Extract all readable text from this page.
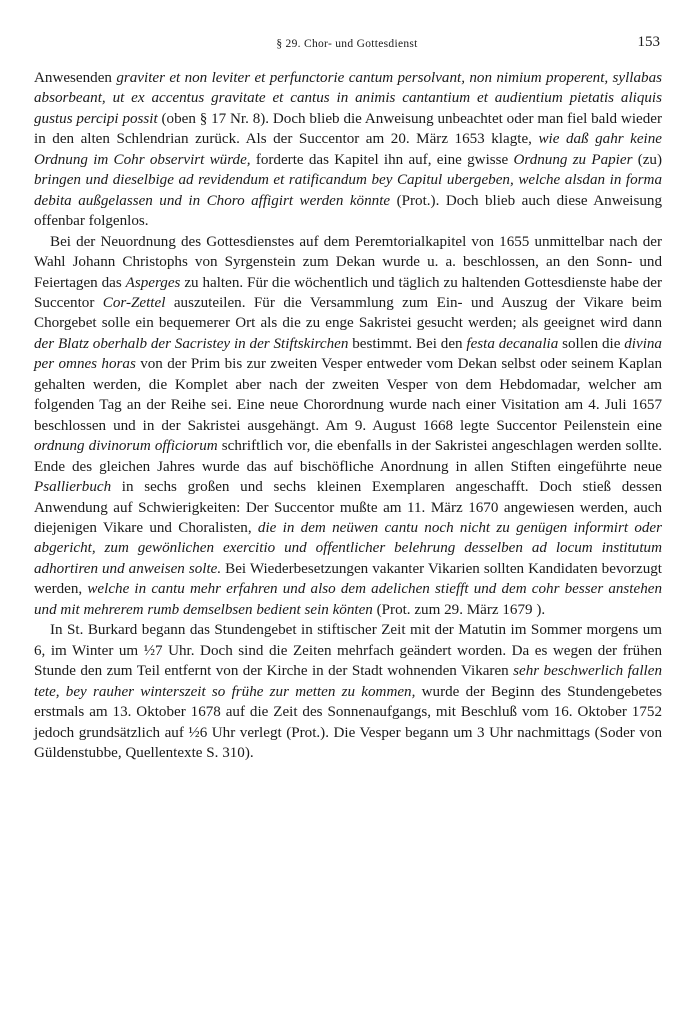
§ 29. Chor- und Gottesdienst	153

Anwesenden graviter et non leviter et perfunctorie cantum persolvant, non nimium properent, syllabas absorbeant, ut ex accentus gravitate et cantus in animis cantantium et audientium pietatis aliquis gustus percipi possit (oben § 17 Nr. 8). Doch blieb die Anweisung unbeachtet oder man fiel bald wieder in den alten Schlendrian zurück. Als der Succentor am 20. März 1653 klagte, wie daß gahr keine Ordnung im Cohr observirt würde, forderte das Kapitel ihn auf, eine gwisse Ordnung zu Papier (zu) bringen und dieselbige ad revidendum et ratificandum bey Capitul ubergeben, welche alsdan in forma debita außgelassen und in Choro affigirt werden könnte (Prot.). Doch blieb auch diese Anweisung offenbar folgenlos.

Bei der Neuordnung des Gottesdienstes auf dem Peremtorialkapitel von 1655 unmittelbar nach der Wahl Johann Christophs von Syrgenstein zum Dekan wurde u. a. beschlossen, an den Sonn- und Feiertagen das Asperges zu halten. Für die wöchentlich und täglich zu haltenden Gottesdienste habe der Succentor Cor-Zettel auszuteilen. Für die Versammlung zum Ein- und Auszug der Vikare beim Chorgebet solle ein bequemerer Ort als die zu enge Sakristei gesucht werden; als geeignet wird dann der Blatz oberhalb der Sacristey in der Stiftskirchen bestimmt. Bei den festa decanalia sollen die divina per omnes horas von der Prim bis zur zweiten Vesper entweder vom Dekan selbst oder seinem Kaplan gehalten werden, die Komplet aber nach der zweiten Vesper von dem Hebdomadar, welcher am folgenden Tag an der Reihe sei. Eine neue Chorordnung wurde nach einer Visitation am 4. Juli 1657 beschlossen und in der Sakristei ausgehängt. Am 9. August 1668 legte Succentor Peilenstein eine ordnung divinorum officiorum schriftlich vor, die ebenfalls in der Sakristei angeschlagen werden sollte. Ende des gleichen Jahres wurde das auf bischöfliche Anordnung in allen Stiften eingeführte neue Psallierbuch in sechs großen und sechs kleinen Exemplaren angeschafft. Doch stieß dessen Anwendung auf Schwierigkeiten: Der Succentor mußte am 11. März 1670 angewiesen werden, auch diejenigen Vikare und Choralisten, die in dem neüwen cantu noch nicht zu genügen informirt oder abgericht, zum gewönlichen exercitio und offentlicher belehrung desselben ad locum institutum adhortiren und anweisen solte. Bei Wiederbesetzungen vakanter Vikarien sollten Kandidaten bevorzugt werden, welche in cantu mehr erfahren und also dem adelichen stiefft und dem cohr besser anstehen und mit mehrerem rumb demselbsen bedient sein könten (Prot. zum 29. März 1679 ).

In St. Burkard begann das Stundengebet in stiftischer Zeit mit der Matutin im Sommer morgens um 6, im Winter um ½7 Uhr. Doch sind die Zeiten mehrfach geändert worden. Da es wegen der frühen Stunde den zum Teil entfernt von der Kirche in der Stadt wohnenden Vikaren sehr beschwerlich fallen tete, bey rauher winterszeit so frühe zur metten zu kommen, wurde der Beginn des Stundengebetes erstmals am 13. Oktober 1678 auf die Zeit des Sonnenaufgangs, mit Beschluß vom 16. Oktober 1752 jedoch grundsätzlich auf ½6 Uhr verlegt (Prot.). Die Vesper begann um 3 Uhr nachmittags (Soder von Güldenstubbe, Quellentexte S. 310).
